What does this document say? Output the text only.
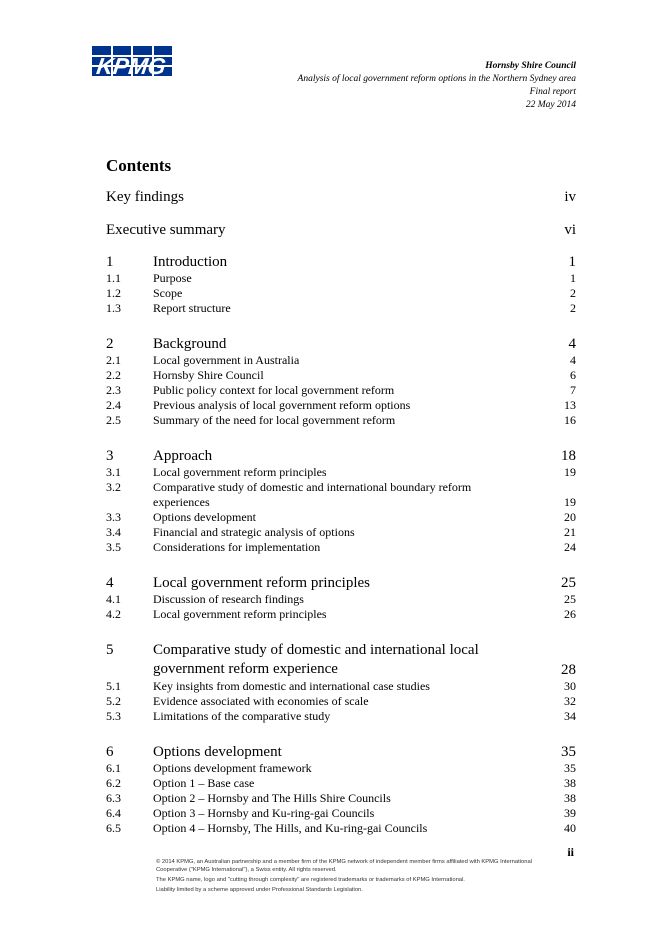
KPMG	Hornsby Shire Council
Analysis of local government reform options in the Northern Sydney area
Final report
22 May 2014
Contents
Key findings	iv
Executive summary	vi
1	Introduction	1
1.1	Purpose	1
1.2	Scope	2
1.3	Report structure	2
2	Background	4
2.1	Local government in Australia	4
2.2	Hornsby Shire Council	6
2.3	Public policy context for local government reform	7
2.4	Previous analysis of local government reform options	13
2.5	Summary of the need for local government reform	16
3	Approach	18
3.1	Local government reform principles	19
3.2	Comparative study of domestic and international boundary reform experiences	19
3.3	Options development	20
3.4	Financial and strategic analysis of options	21
3.5	Considerations for implementation	24
4	Local government reform principles	25
4.1	Discussion of research findings	25
4.2	Local government reform principles	26
5	Comparative study of domestic and international local government reform experience	28
5.1	Key insights from domestic and international case studies	30
5.2	Evidence associated with economies of scale	32
5.3	Limitations of the comparative study	34
6	Options development	35
6.1	Options development framework	35
6.2	Option 1 – Base case	38
6.3	Option 2 – Hornsby and The Hills Shire Councils	38
6.4	Option 3 – Hornsby and Ku-ring-gai Councils	39
6.5	Option 4 – Hornsby, The Hills, and Ku-ring-gai Councils	40
ii

© 2014 KPMG, an Australian partnership and a member firm of the KPMG network of independent member firms affiliated with KPMG International Cooperative ("KPMG International"), a Swiss entity. All rights reserved.

The KPMG name, logo and "cutting through complexity" are registered trademarks or trademarks of KPMG International.

Liability limited by a scheme approved under Professional Standards Legislation.
